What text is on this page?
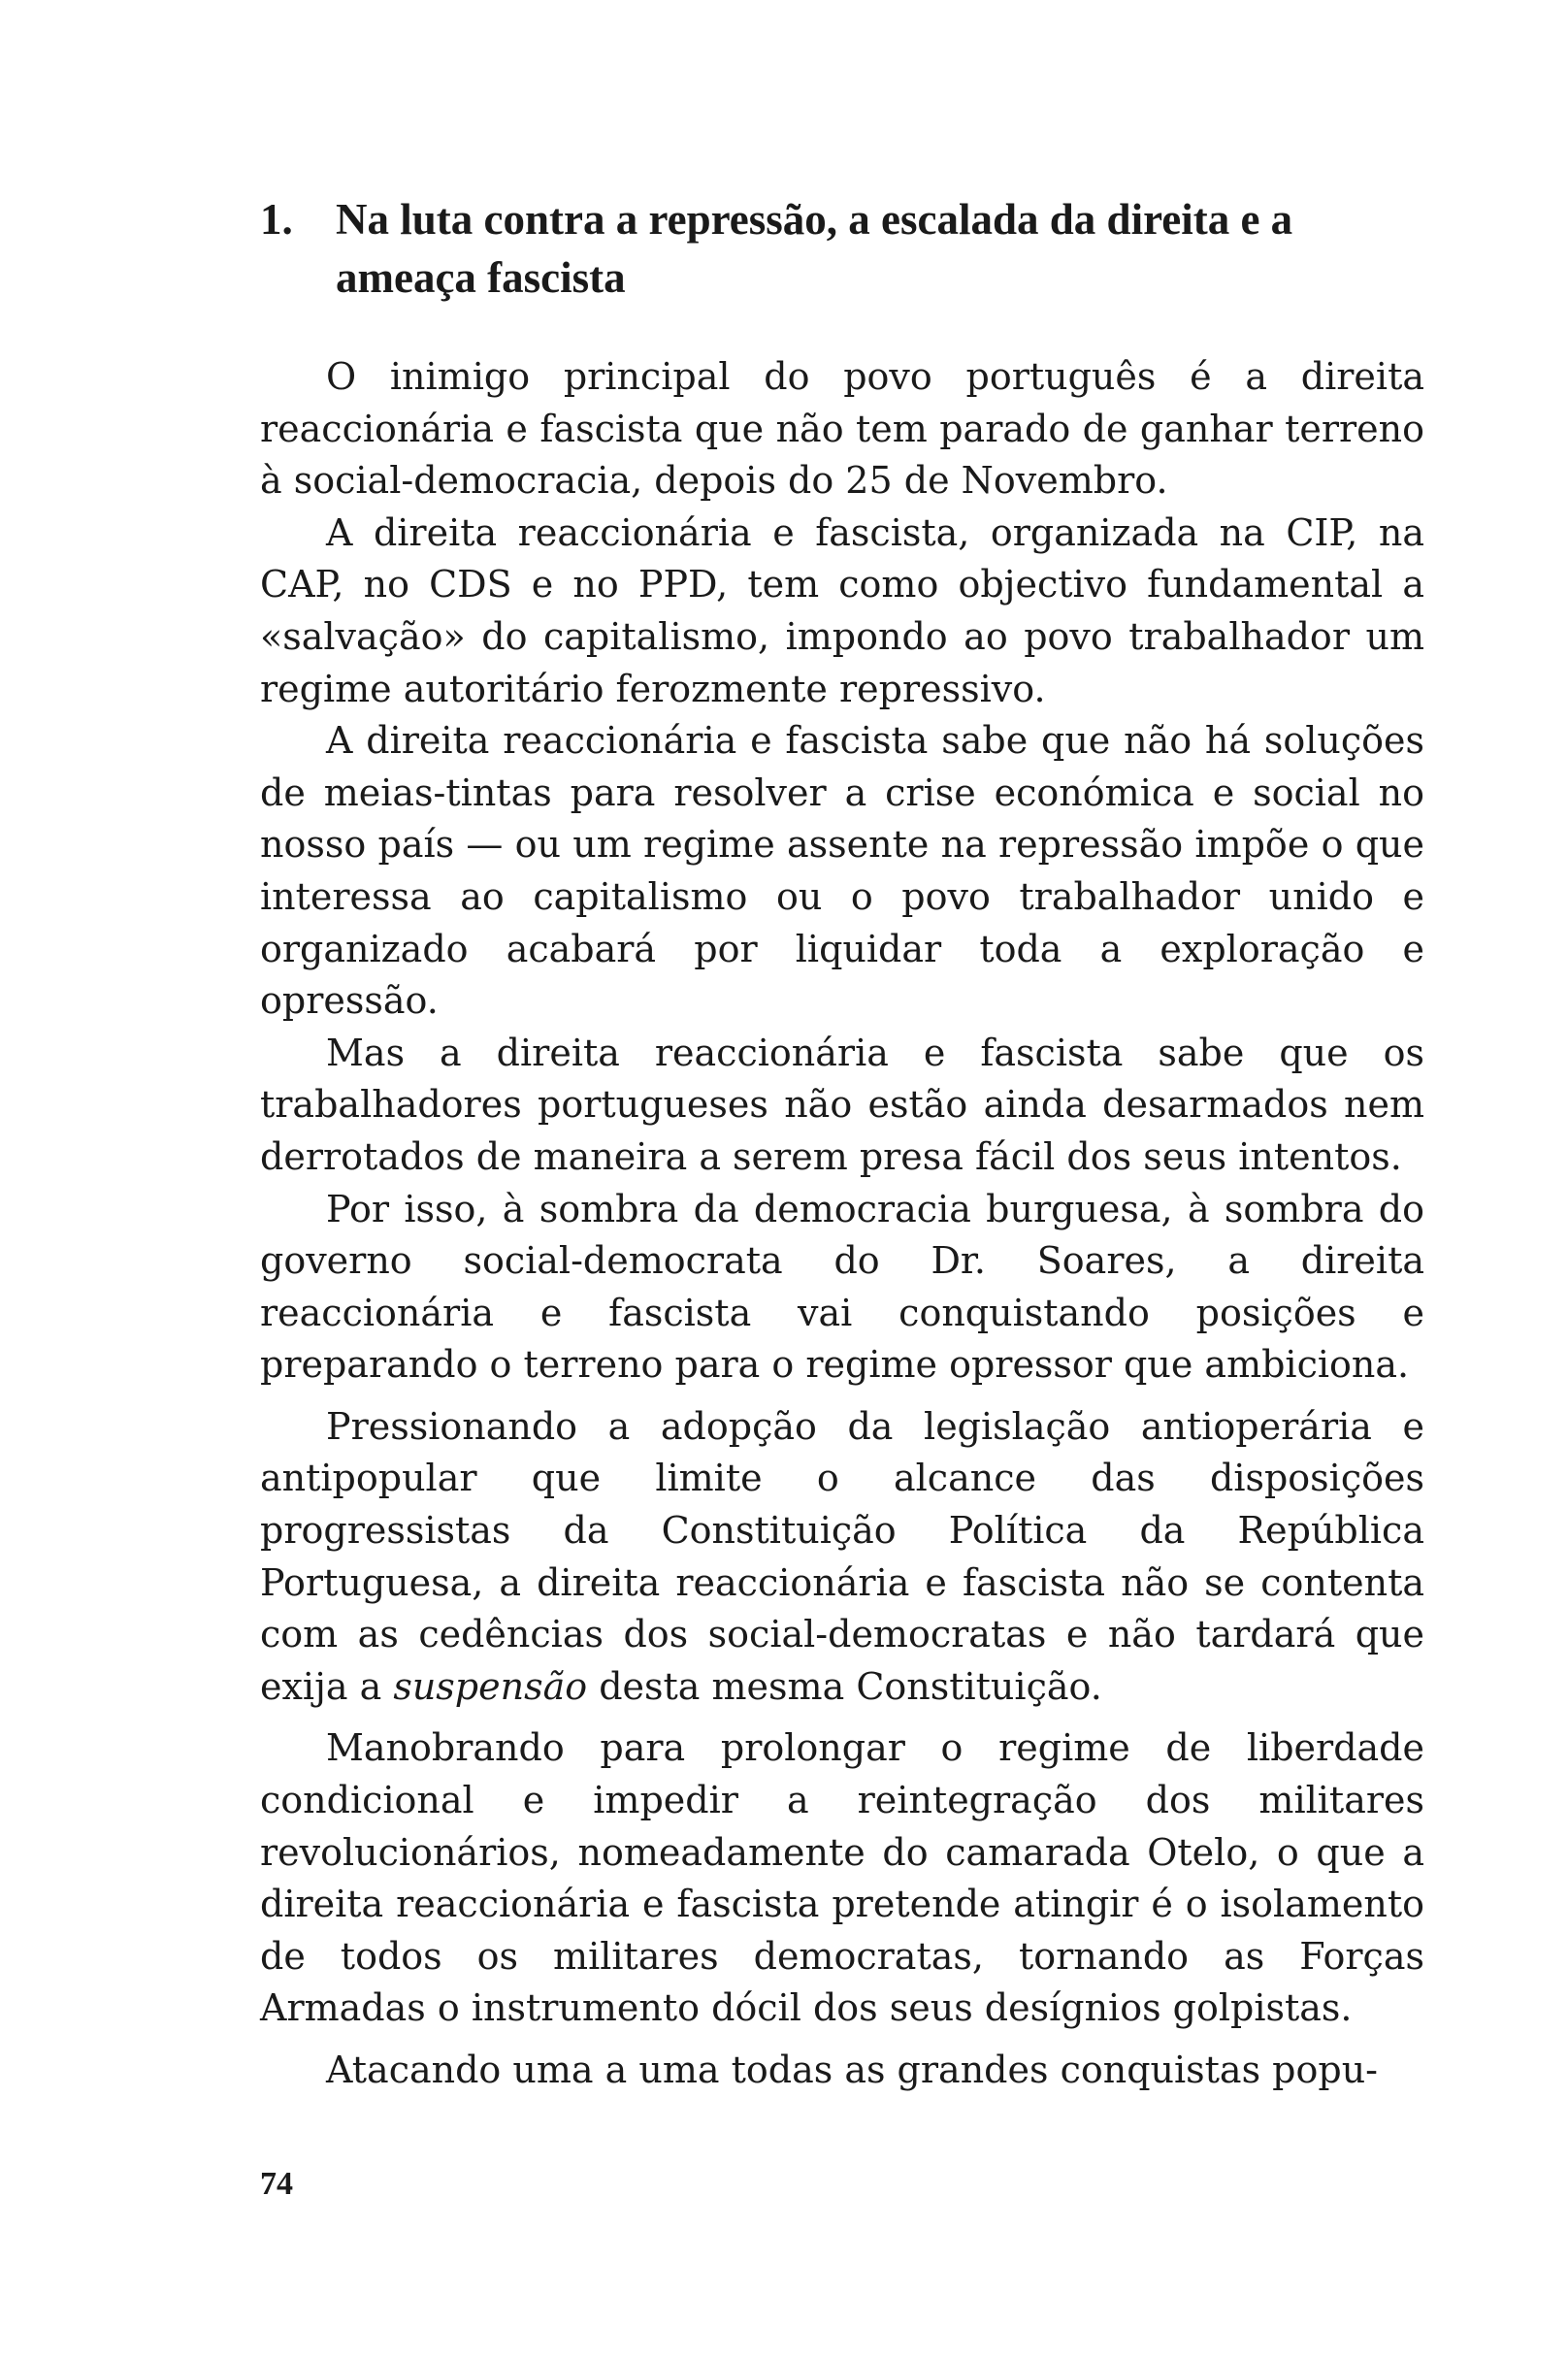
1. Na luta contra a repressão, a escalada da direita e a ameaça fascista

O inimigo principal do povo português é a direita reaccionária e fascista que não tem parado de ganhar terreno à social-democracia, depois do 25 de Novembro.

A direita reaccionária e fascista, organizada na CIP, na CAP, no CDS e no PPD, tem como objectivo fundamental a «salvação» do capitalismo, impondo ao povo trabalhador um regime autoritário ferozmente repressivo.

A direita reaccionária e fascista sabe que não há soluções de meias-tintas para resolver a crise económica e social no nosso país — ou um regime assente na repressão impõe o que interessa ao capitalismo ou o povo trabalhador unido e organizado acabará por liquidar toda a exploração e opressão.

Mas a direita reaccionária e fascista sabe que os trabalhadores portugueses não estão ainda desarmados nem derrotados de maneira a serem presa fácil dos seus intentos.

Por isso, à sombra da democracia burguesa, à sombra do governo social-democrata do Dr. Soares, a direita reaccionária e fascista vai conquistando posições e preparando o terreno para o regime opressor que ambiciona.

Pressionando a adopção da legislação antioperária e antipopular que limite o alcance das disposições progressistas da Constituição Política da República Portuguesa, a direita reaccionária e fascista não se contenta com as cedências dos social-democratas e não tardará que exija a suspensão desta mesma Constituição.

Manobrando para prolongar o regime de liberdade condicional e impedir a reintegração dos militares revolucionários, nomeadamente do camarada Otelo, o que a direita reaccionária e fascista pretende atingir é o isolamento de todos os militares democratas, tornando as Forças Armadas o instrumento dócil dos seus desígnios golpistas.

Atacando uma a uma todas as grandes conquistas popu-

74
